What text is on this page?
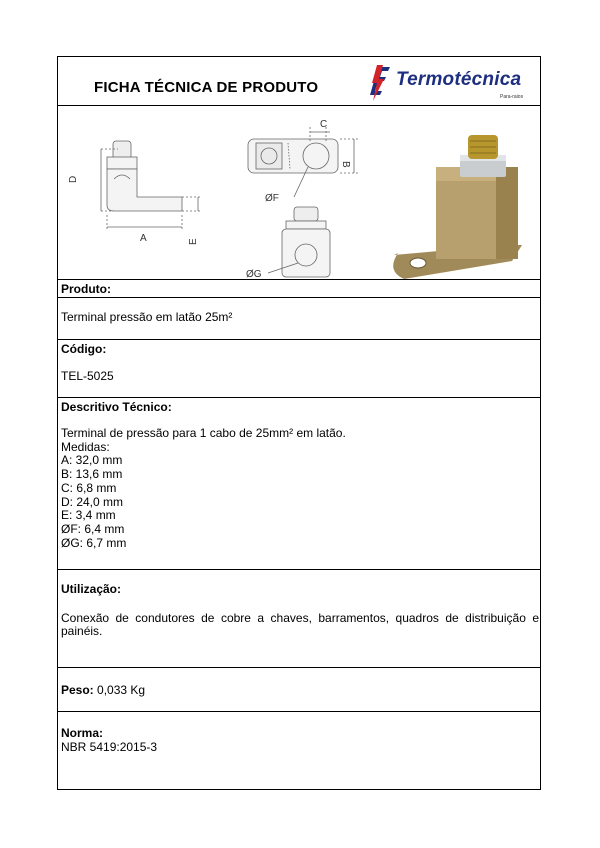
FICHA TÉCNICA DE PRODUTO	Termotécnica
Para-raios
D
E
A
C
B
ØF
ØG
Produto:
Terminal pressão em latão 25m²
Código:
TEL-5025
Descritivo Técnico:
Terminal de pressão para 1 cabo de 25mm² em latão.
Medidas:
A: 32,0 mm
B: 13,6 mm
C: 6,8 mm
D: 24,0 mm
E: 3,4 mm
ØF: 6,4 mm
ØG: 6,7 mm
Utilização:
Conexão de condutores de cobre a chaves, barramentos, quadros de distribuição e painéis.
Peso: 0,033 Kg
Norma:
NBR 5419:2015-3
